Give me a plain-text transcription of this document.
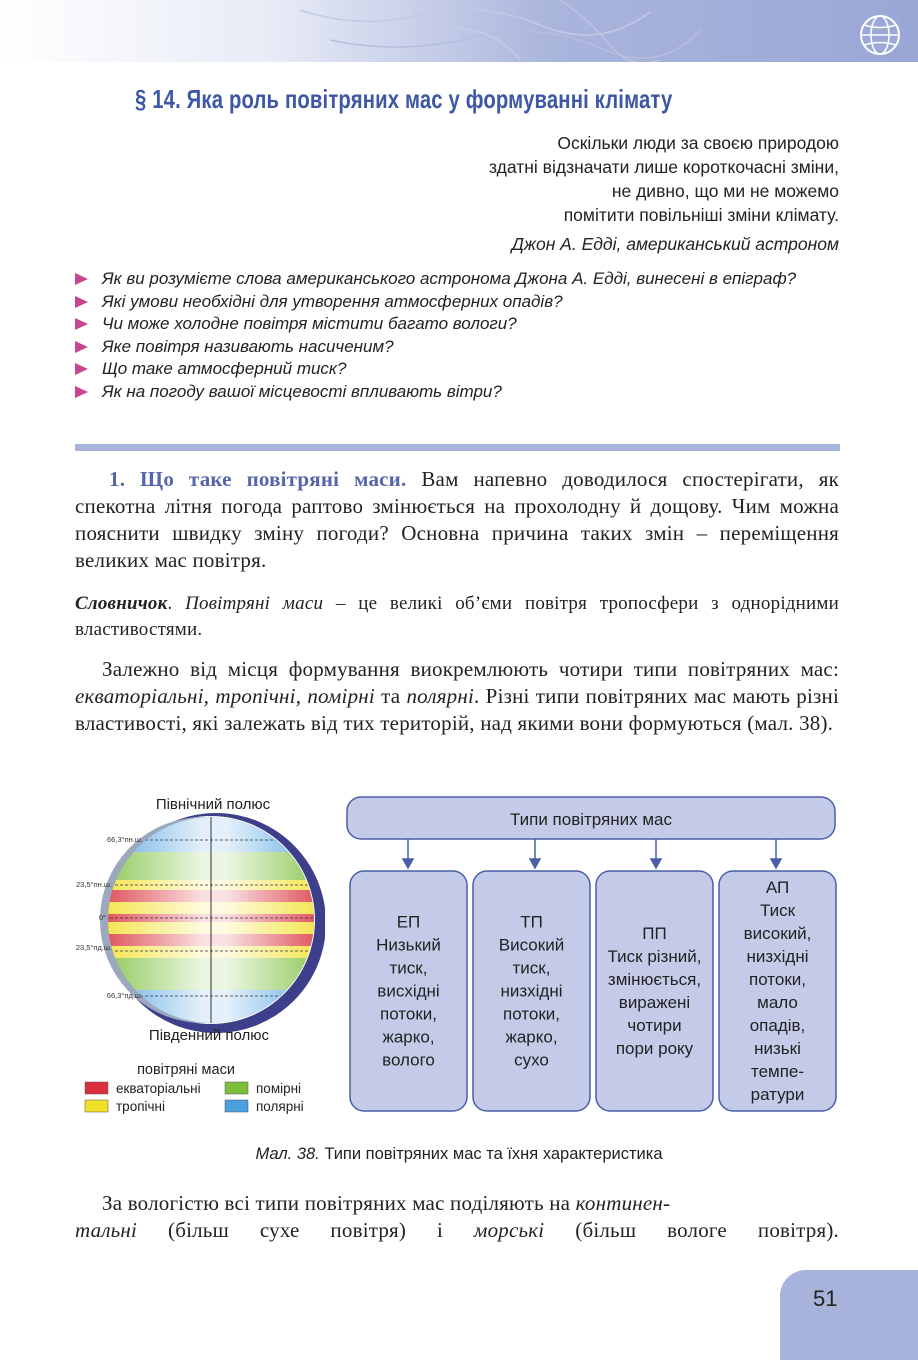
§ 14. Яка роль повітряних мас у формуванні клімату
Оскільки люди за своєю природою
здатні відзначати лише короткочасні зміни,
не дивно, що ми не можемо
помітити повільніші зміни клімату.
Джон А. Едді, американський астроном
Як ви розумієте слова американського астронома Джона А. Едді, винесені в епіграф?
Які умови необхідні для утворення атмосферних опадів?
Чи може холодне повітря містити багато вологи?
Яке повітря називають насиченим?
Що таке атмосферний тиск?
Як на погоду вашої місцевості впливають вітри?

1. Що таке повітряні маси. Вам напевно доводилося спостерігати, як спекотна літня погода раптово змінюється на прохолодну й дощову. Чим можна пояснити швидку зміну погоди? Основна причина таких змін – переміщення великих мас повітря.

Словничок. Повітряні маси – це великі об’єми повітря тропосфери з однорідними властивостями.

Залежно від місця формування виокремлюють чотири типи повітряних мас: екваторіальні, тропічні, помірні та полярні. Різні типи повітряних мас мають різні властивості, які залежать від тих територій, над якими вони формуються (мал. 38).

Північний полюс
Південний полюс
66,3°пн.ш.
23,5°пн.ш.
0°
23,5°пд.ш.
66,3°пд.ш.
повітряні маси
екваторіальні	помірні
тропічні	полярні
Типи повітряних мас
ЕП
Низький
тиск,
висхідні
потоки,
жарко,
волого
ТП
Високий
тиск,
низхідні
потоки,
жарко,
сухо
ПП
Тиск різний,
змінюється,
виражені
чотири
пори року
АП
Тиск
високий,
низхідні
потоки,
мало
опадів,
низькі
темпе-
ратури
Мал. 38. Типи повітряних мас та їхня характеристика

За вологістю всі типи повітряних мас поділяють на континен-

тальні (більш сухе повітря) і морські (більш вологе повітря).

51
